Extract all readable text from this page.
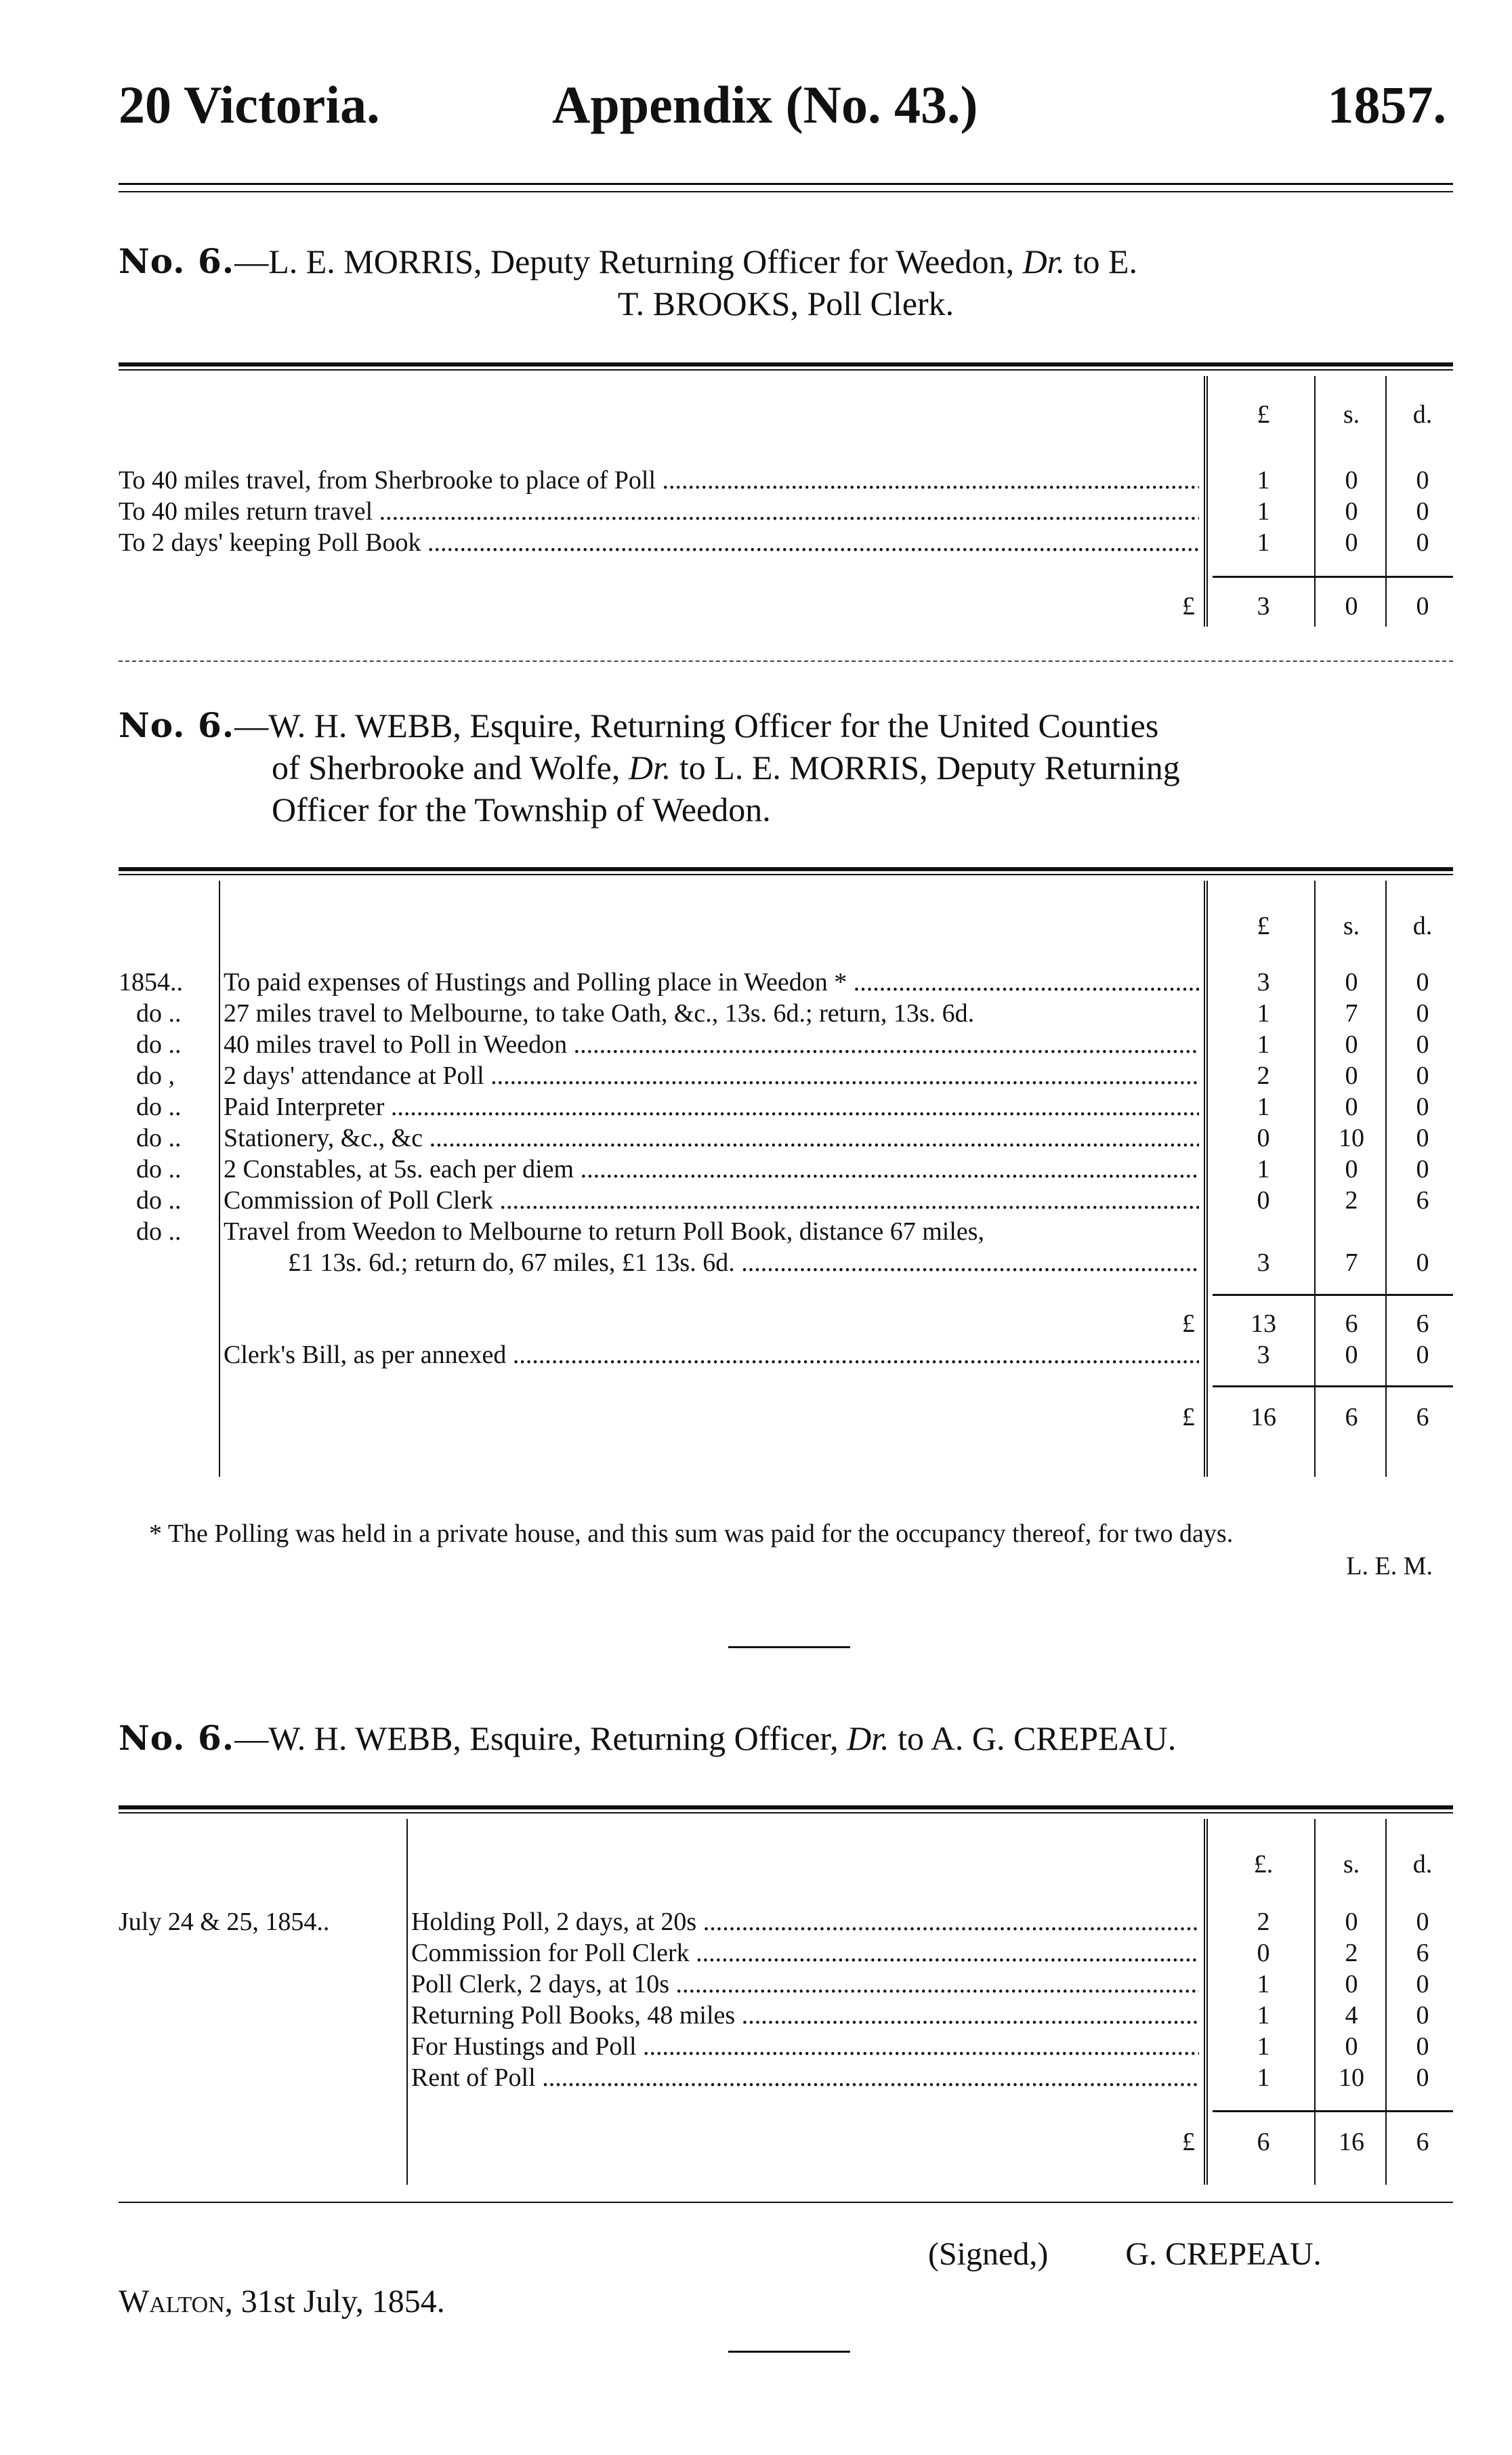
20 Victoria.	Appendix (No. 43.)	1857.
No. 6.—L. E. MORRIS, Deputy Returning Officer for Weedon, Dr. to E.
T. BROOKS, Poll Clerk.
£	s.	d.
To 40 miles travel, from Sherbrooke to place of Poll .....	1	0	0
To 40 miles return travel .....	1	0	0
To 2 days' keeping Poll Book .....	1	0	0
£	3	0	0
No. 6.—W. H. WEBB, Esquire, Returning Officer for the United Counties
of Sherbrooke and Wolfe, Dr. to L. E. MORRIS, Deputy Returning
Officer for the Township of Weedon.
£	s.	d.
1854.. To paid expenses of Hustings and Polling place in Weedon * .....	3	0	0
do .. 27 miles travel to Melbourne, to take Oath, &c., 13s. 6d.; return, 13s. 6d.	1	7	0
do .. 40 miles travel to Poll in Weedon .....	1	0	0
do , 2 days' attendance at Poll .....	2	0	0
do .. Paid Interpreter .....	1	0	0
do .. Stationery, &c., &c .....	0	10	0
do .. 2 Constables, at 5s. each per diem .....	1	0	0
do .. Commission of Poll Clerk .....	0	2	6
do .. Travel from Weedon to Melbourne to return Poll Book, distance 67 miles,
£1 13s. 6d.; return do, 67 miles, £1 13s. 6d. .....	3	7	0
£	13	6	6
Clerk's Bill, as per annexed .....	3	0	0
£	16	6	6
* The Polling was held in a private house, and this sum was paid for the occupancy thereof, for two days.
L. E. M.
No. 6.—W. H. WEBB, Esquire, Returning Officer, Dr. to A. G. CREPEAU.
£.	s.	d.
July 24 & 25, 1854..	Holding Poll, 2 days, at 20s .....	2	0	0
Commission for Poll Clerk .....	0	2	6
Poll Clerk, 2 days, at 10s .....	1	0	0
Returning Poll Books, 48 miles .....	1	4	0
For Hustings and Poll .....	1	0	0
Rent of Poll .....	1	10	0
£	6	16	6
(Signed,) G. CREPEAU.
Walton, 31st July, 1854.
